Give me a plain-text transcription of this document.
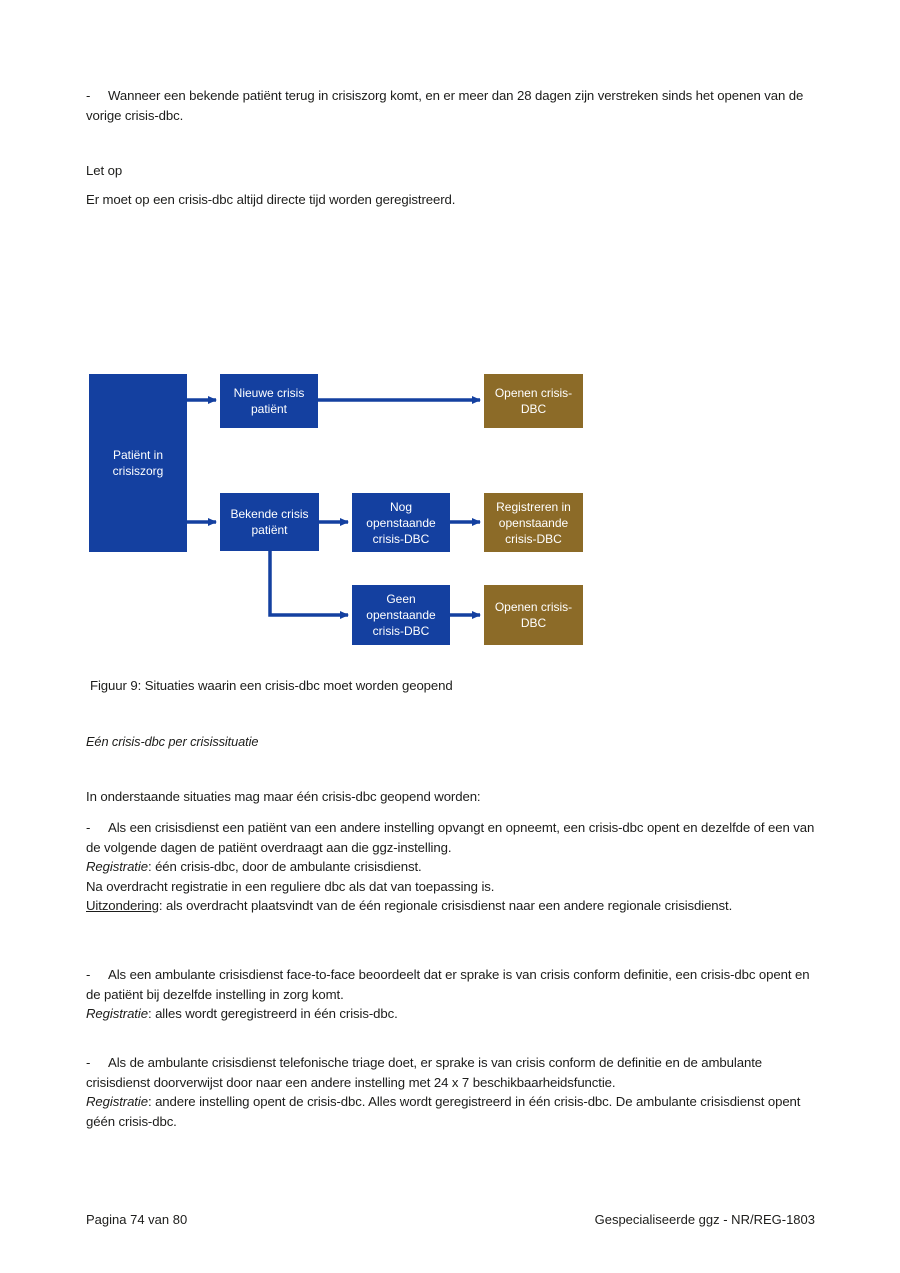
- Wanneer een bekende patiënt terug in crisiszorg komt, en er meer dan 28 dagen zijn verstreken sinds het openen van de vorige crisis-dbc.
Let op
Er moet op een crisis-dbc altijd directe tijd worden geregistreerd.
Patiënt in crisiszorg
Nieuwe crisis patiënt
Openen crisis-DBC
Bekende crisis patiënt
Nog openstaande crisis-DBC
Registreren in openstaande crisis-DBC
Geen openstaande crisis-DBC
Openen crisis-DBC
Figuur 9: Situaties waarin een crisis-dbc moet worden geopend
Eén crisis-dbc per crisissituatie
In onderstaande situaties mag maar één crisis-dbc geopend worden:
- Als een crisisdienst een patiënt van een andere instelling opvangt en opneemt, een crisis-dbc opent en dezelfde of een van de volgende dagen de patiënt overdraagt aan die ggz-instelling.
Registratie: één crisis-dbc, door de ambulante crisisdienst.
Na overdracht registratie in een reguliere dbc als dat van toepassing is.
Uitzondering: als overdracht plaatsvindt van de één regionale crisisdienst naar een andere regionale crisisdienst.
- Als een ambulante crisisdienst face-to-face beoordeelt dat er sprake is van crisis conform definitie, een crisis-dbc opent en de patiënt bij dezelfde instelling in zorg komt.
Registratie: alles wordt geregistreerd in één crisis-dbc.
- Als de ambulante crisisdienst telefonische triage doet, er sprake is van crisis conform de definitie en de ambulante crisisdienst doorverwijst door naar een andere instelling met 24 x 7 beschikbaarheidsfunctie.
Registratie: andere instelling opent de crisis-dbc. Alles wordt geregistreerd in één crisis-dbc. De ambulante crisisdienst opent géén crisis-dbc.
Pagina 74 van 80	Gespecialiseerde ggz - NR/REG-1803
